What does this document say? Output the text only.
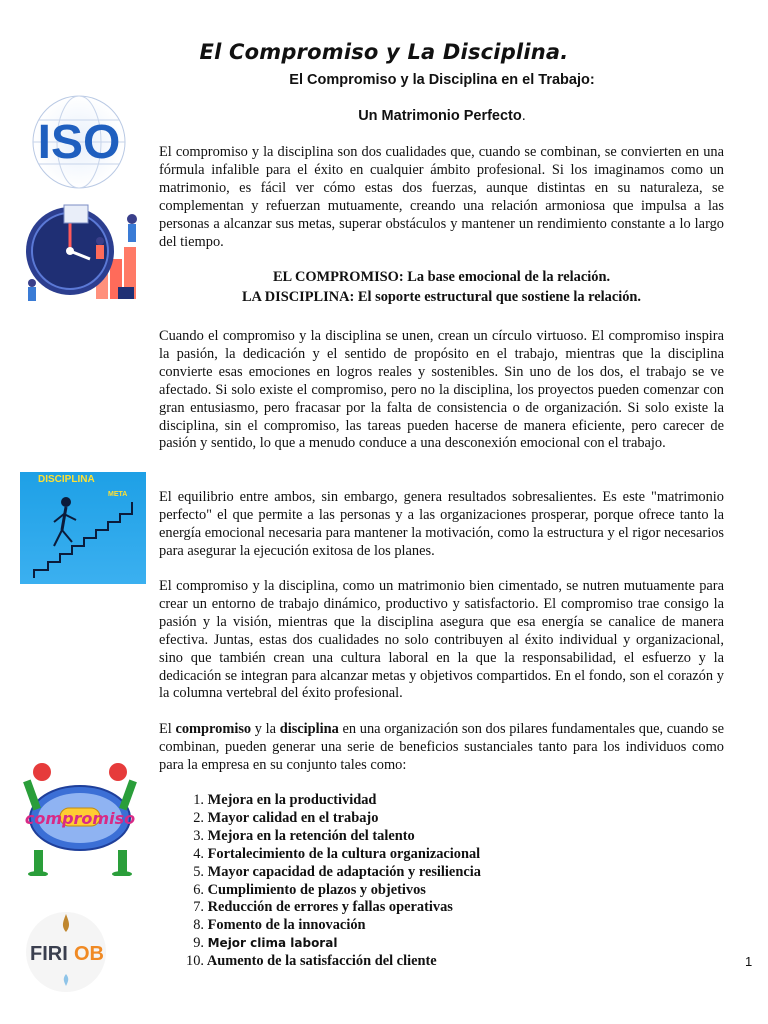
El Compromiso y La Disciplina.
El Compromiso y la Disciplina en el Trabajo:
Un Matrimonio Perfecto.

El compromiso y la disciplina son dos cualidades que, cuando se combinan, se convierten en una fórmula infalible para el éxito en cualquier ámbito profesional. Si los imaginamos como un matrimonio, es fácil ver cómo estas dos fuerzas, aunque distintas en su naturaleza, se complementan y refuerzan mutuamente, creando una relación armoniosa que impulsa a las personas a alcanzar sus metas, superar obstáculos y mantener un rendimiento constante a lo largo del tiempo.

EL COMPROMISO: La base emocional de la relación.
LA DISCIPLINA: El soporte estructural que sostiene la relación.

Cuando el compromiso y la disciplina se unen, crean un círculo virtuoso. El compromiso inspira la pasión, la dedicación y el sentido de propósito en el trabajo, mientras que la disciplina convierte esas emociones en logros reales y sostenibles. Sin uno de los dos, el trabajo se ve afectado. Si solo existe el compromiso, pero no la disciplina, los proyectos pueden comenzar con gran entusiasmo, pero fracasar por la falta de consistencia o de organización. Si solo existe la disciplina, sin el compromiso, las tareas pueden hacerse de manera eficiente, pero carecer de pasión y sentido, lo que a menudo conduce a una desconexión emocional con el trabajo.

El equilibrio entre ambos, sin embargo, genera resultados sobresalientes. Es este "matrimonio perfecto" el que permite a las personas y a las organizaciones prosperar, porque ofrece tanto la energía emocional necesaria para mantener la motivación, como la estructura y el rigor necesarios para asegurar la ejecución exitosa de los planes.

El compromiso y la disciplina, como un matrimonio bien cimentado, se nutren mutuamente para crear un entorno de trabajo dinámico, productivo y satisfactorio. El compromiso trae consigo la pasión y la visión, mientras que la disciplina asegura que esa energía se canalice de manera efectiva. Juntas, estas dos cualidades no solo contribuyen al éxito individual y organizacional, sino que también crean una cultura laboral en la que la responsabilidad, el esfuerzo y la dedicación se integran para alcanzar metas y objetivos compartidos. En el fondo, son el corazón y la columna vertebral del éxito profesional.

El compromiso y la disciplina en una organización son dos pilares fundamentales que, cuando se combinan, pueden generar una serie de beneficios sustanciales tanto para los individuos como para la empresa en su conjunto tales como:

1. Mejora en la productividad
2. Mayor calidad en el trabajo
3. Mejora en la retención del talento
4. Fortalecimiento de la cultura organizacional
5. Mayor capacidad de adaptación y resiliencia
6. Cumplimiento de plazos y objetivos
7. Reducción de errores y fallas operativas
8. Fomento de la innovación
9. Mejor clima laboral
10. Aumento de la satisfacción del cliente	1
ISO
DISCIPLINA
META
compromiso
FIRI OB
